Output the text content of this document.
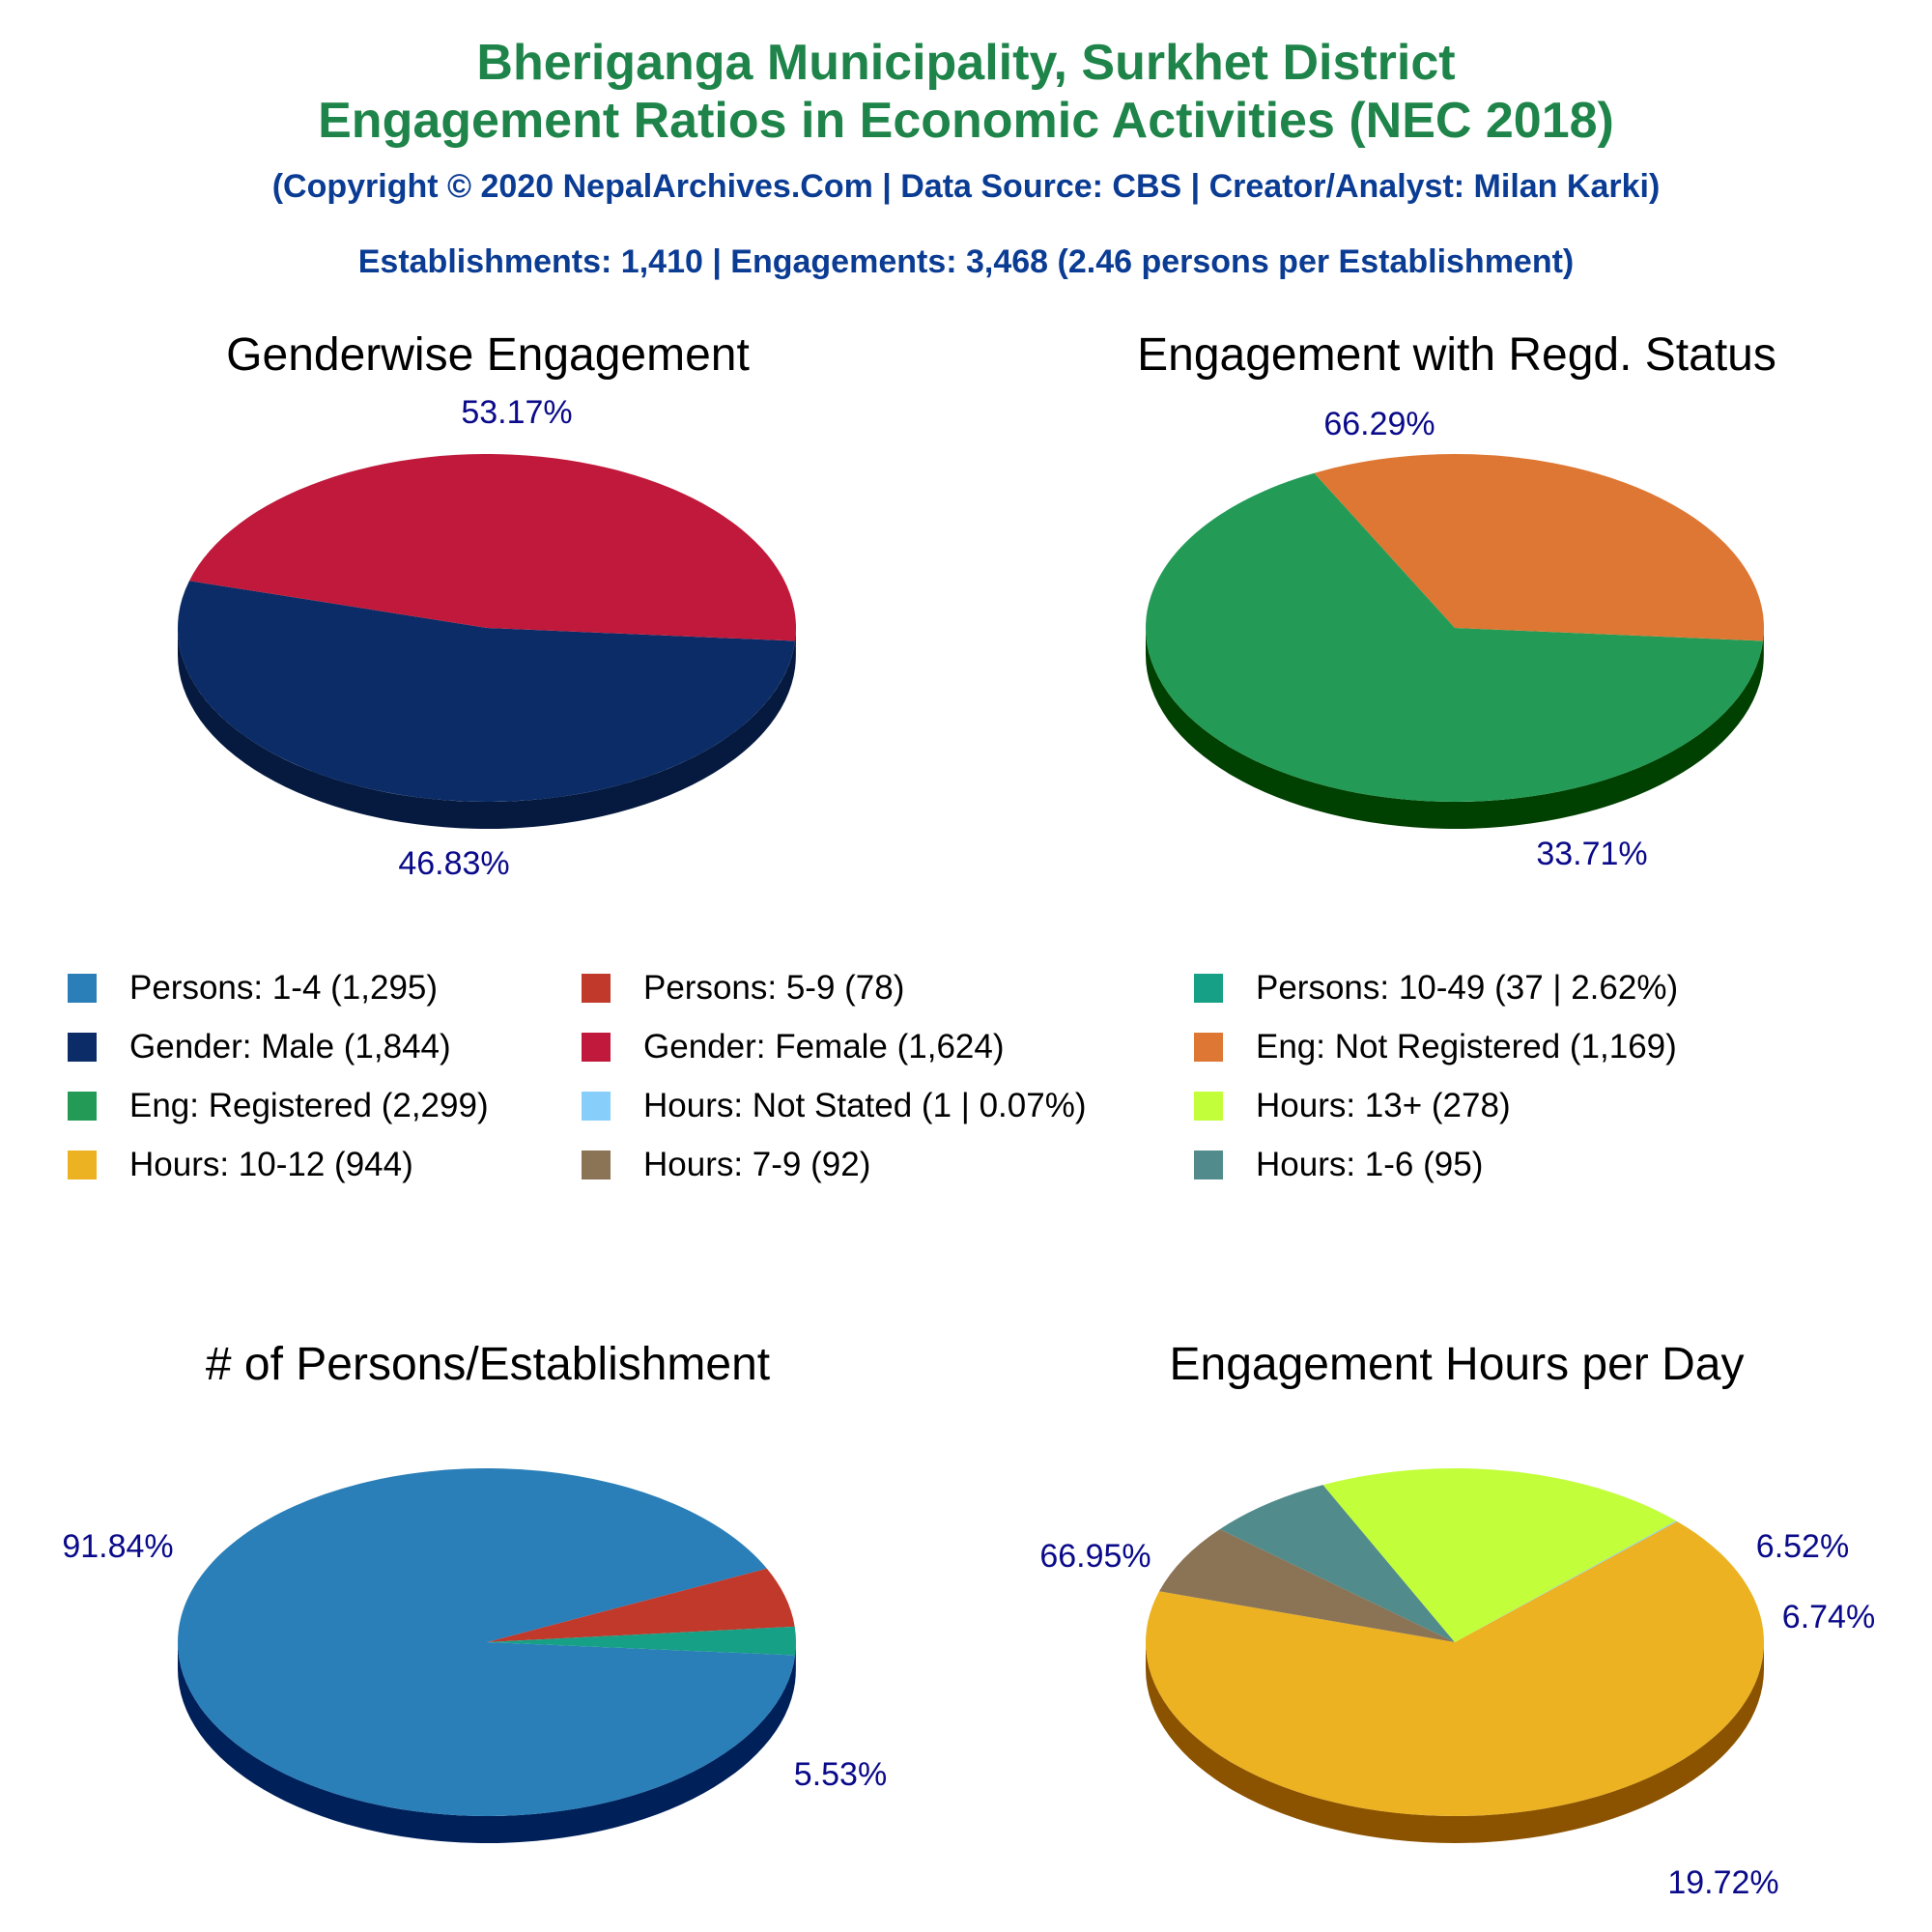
Bheriganga Municipality, Surkhet District
Engagement Ratios in Economic Activities (NEC 2018)
(Copyright © 2020 NepalArchives.Com | Data Source: CBS | Creator/Analyst: Milan Karki)
Establishments: 1,410 | Engagements: 3,468 (2.46 persons per Establishment)
Genderwise Engagement	Engagement with Regd. Status
# of Persons/Establishment	Engagement Hours per Day
53.17%
46.83%
66.29%
33.71%
91.84%
5.53%
66.95%	6.52%
6.74%
19.72%
Persons: 1-4 (1,295)	Persons: 5-9 (78)	Persons: 10-49 (37 | 2.62%)
Gender: Male (1,844)	Gender: Female (1,624)	Eng: Not Registered (1,169)
Eng: Registered (2,299)	Hours: Not Stated (1 | 0.07%)	Hours: 13+ (278)
Hours: 10-12 (944)	Hours: 7-9 (92)	Hours: 1-6 (95)
